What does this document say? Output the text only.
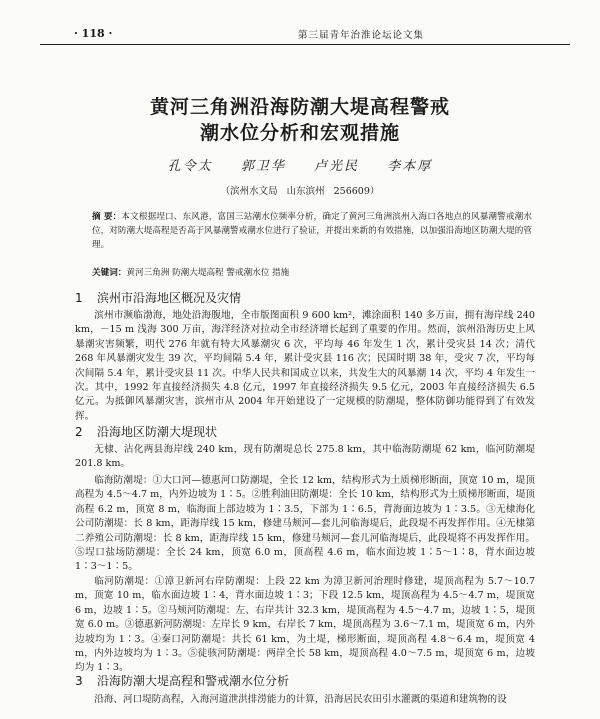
· 118 ·	第三届青年治淮论坛论文集
黄河三角洲沿海防潮大堤高程警戒
潮水位分析和宏观措施
孔令太 郭卫华 卢光民 李本厚
（滨州水文局 山东滨州 256609）
摘 要：本文根据埕口、东风港，富国三站潮水位频率分析，确定了黄河三角洲滨州入海口各地点的风暴潮警戒潮水位，对防潮大堤高程是否高于风暴潮警戒潮水位进行了验证，并提出来新的有效措施，以加强沿海地区防潮大堤的管理。
关键词：黄河三角洲 防潮大堤高程 警戒潮水位 措施
1 滨州市沿海地区概况及灾情
滨州市濒临渤海，地处沿海腹地，全市版图面积 9 600 km²，滩涂面积 140 多万亩，拥有海岸线 240 km，－15 m 浅海 300 万亩，海洋经济对拉动全市经济增长起到了重要的作用。然而，滨州沿海历史上风暴潮灾害频繁，明代 276 年就有特大风暴潮灾 6 次，平均每 46 年发生 1 次，累计受灾县 14 次；清代 268 年风暴潮灾发生 39 次，平均间隔 5.4 年，累计受灾县 116 次；民国时期 38 年，受灾 7 次，平均每次间隔 5.4 年，累计受灾县 11 次。中华人民共和国成立以来，共发生大的风暴潮 14 次，平均 4 年发生一次。其中，1992 年直接经济损失 4.8 亿元，1997 年直接经济损失 9.5 亿元，2003 年直接经济损失 6.5 亿元。为抵御风暴潮灾害，滨州市从 2004 年开始建设了一定规模的防潮堤，整体防御功能得到了有效发挥。
2 沿海地区防潮大堤现状
无棣、沾化两县海岸线 240 km，现有防潮堤总长 275.8 km，其中临海防潮堤 62 km，临河防潮堤 201.8 km。
临海防潮堤：①大口河—德惠河口防潮堤，全长 12 km，结构形式为土质梯形断面，顶宽 10 m，堤顶高程为 4.5～4.7 m，内外边坡为 1∶5。②胜利油田防潮堤：全长 10 km，结构形式为土质梯形断面，堤顶高程 6.2 m，顶宽 8 m，临海面上部边坡为 1∶3.5，下部为 1∶6.5，背海面边坡为 1∶3.5。③无棣海化公司防潮堤：长 8 km，距海岸线 15 km，修建马颊河—套儿河临海堤后，此段堤不再发挥作用。④无棣第二养殖公司防潮堤：长 8 km，距海岸线 15 km，修建马颊河—套儿河临海堤后，此段堤将不再发挥作用。⑤埕口盐场防潮堤：全长 24 km，顶宽 6.0 m，顶高程 4.6 m，临水面边坡 1∶5～1∶8，背水面边坡 1∶3～1∶5。
临河防潮堤：①漳卫新河右岸防潮堤：上段 22 km 为漳卫新河治理时修建，堤顶高程为 5.7～10.7 m，顶宽 10 m，临水面边坡 1∶4，背水面边坡 1∶3；下段 12.5 km，堤顶高程为 4.5～4.7 m，堤顶宽 6 m，边坡 1∶5。②马颊河防潮堤：左、右岸共计 32.3 km，堤顶高程为 4.5～4.7 m，边坡 1∶5，堤顶宽 6.0 m。③德惠新河防潮堤：左岸长 9 km，右岸长 7 km，堤顶高程为 3.6～7.1 m，堤顶宽 6 m，内外边坡均为 1∶3。④秦口河防潮堤：共长 61 km，为土堤，梯形断面，堤顶高程 4.8～6.4 m，堤顶宽 4 m，内外边坡均为 1∶3。⑤徒骇河防潮堤：两岸全长 58 km，堤顶高程 4.0～7.5 m，堤顶宽 6 m，边坡均为 1∶3。
3 沿海防潮大堤高程和警戒潮水位分析
沿海、河口堤防高程，入海河道泄洪排涝能力的计算，沿海居民农田引水灌溉的渠道和建筑物的设
